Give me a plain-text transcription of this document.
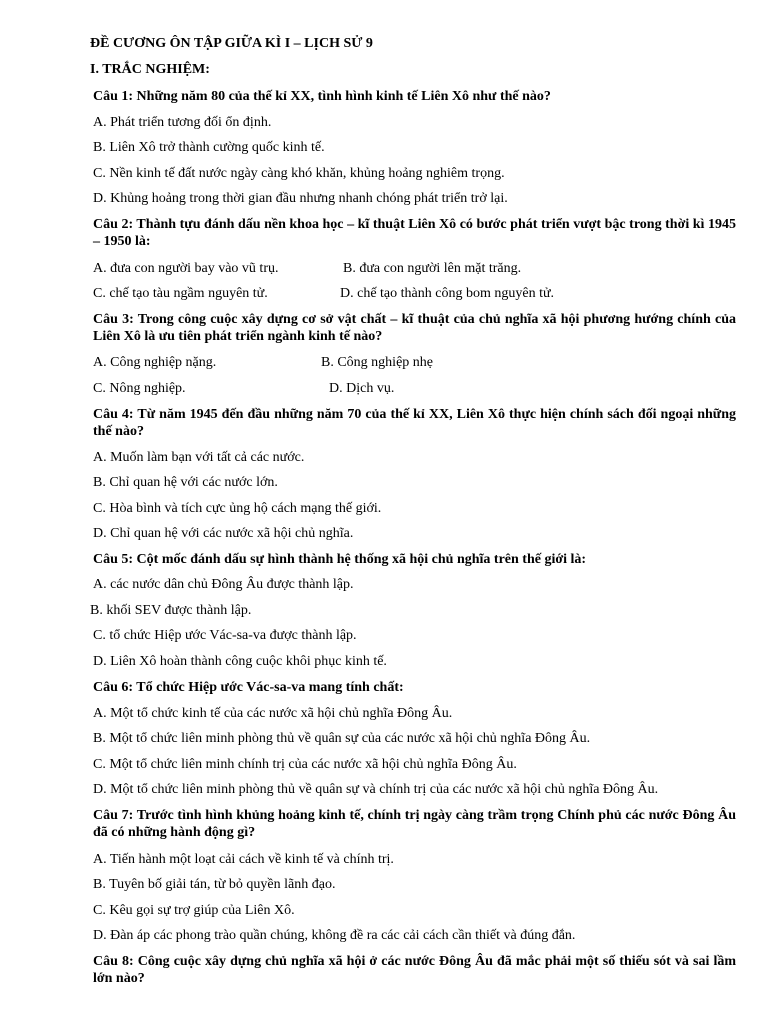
ĐỀ CƯƠNG ÔN TẬP GIỮA KÌ I – LỊCH SỬ 9
I. TRẮC NGHIỆM:
Câu 1: Những năm 80 của thế kỉ XX, tình hình kinh tế Liên Xô như thế nào?
A. Phát triển tương đối ổn định.
B. Liên Xô trở thành cường quốc kinh tế.
C. Nền kinh tế đất nước ngày càng khó khăn, khủng hoảng nghiêm trọng.
D. Khủng hoảng trong thời gian đầu nhưng nhanh chóng phát triển trở lại.
Câu 2: Thành tựu đánh dấu nền khoa học – kĩ thuật Liên Xô có bước phát triển vượt bậc trong thời kì 1945 – 1950 là:
A. đưa con người bay vào vũ trụ.	B. đưa con người lên mặt trăng.
C. chế tạo tàu ngầm nguyên tử.	D. chế tạo thành công bom nguyên tử.
Câu 3: Trong công cuộc xây dựng cơ sở vật chất – kĩ thuật của chủ nghĩa xã hội phương hướng chính của Liên Xô là ưu tiên phát triển ngành kinh tế nào?
A. Công nghiệp nặng.	B. Công nghiệp nhẹ
C. Nông nghiệp.	D. Dịch vụ.
Câu 4: Từ năm 1945 đến đầu những năm 70 của thế kỉ XX, Liên Xô thực hiện chính sách đối ngoại những thế nào?
A. Muốn làm bạn với tất cả các nước.
B. Chỉ quan hệ với các nước lớn.
C. Hòa bình và tích cực ủng hộ cách mạng thế giới.
D. Chỉ quan hệ với các nước xã hội chủ nghĩa.
Câu 5: Cột mốc đánh dấu sự hình thành hệ thống xã hội chủ nghĩa trên thế giới là:
A. các nước dân chủ Đông Âu được thành lập.
B. khối SEV được thành lập.
C. tổ chức Hiệp ước Vác-sa-va được thành lập.
D. Liên Xô hoàn thành công cuộc khôi phục kinh tế.
Câu 6: Tổ chức Hiệp ước Vác-sa-va mang tính chất:
A. Một tổ chức kinh tế của các nước xã hội chủ nghĩa Đông Âu.
B. Một tổ chức liên minh phòng thủ về quân sự của các nước xã hội chủ nghĩa Đông Âu.
C. Một tổ chức liên minh chính trị của các nước xã hội chủ nghĩa Đông Âu.
D. Một tổ chức liên minh phòng thủ về quân sự và chính trị của các nước xã hội chủ nghĩa Đông Âu.
Câu 7: Trước tình hình khủng hoảng kinh tế, chính trị ngày càng trầm trọng Chính phủ các nước Đông Âu đã có những hành động gì?
A. Tiến hành một loạt cải cách về kinh tế và chính trị.
B. Tuyên bố giải tán, từ bỏ quyền lãnh đạo.
C. Kêu gọi sự trợ giúp của Liên Xô.
D. Đàn áp các phong trào quần chúng, không đề ra các cải cách cần thiết và đúng đắn.
Câu 8: Công cuộc xây dựng chủ nghĩa xã hội ở các nước Đông Âu đã mắc phải một số thiếu sót và sai lầm lớn nào?
